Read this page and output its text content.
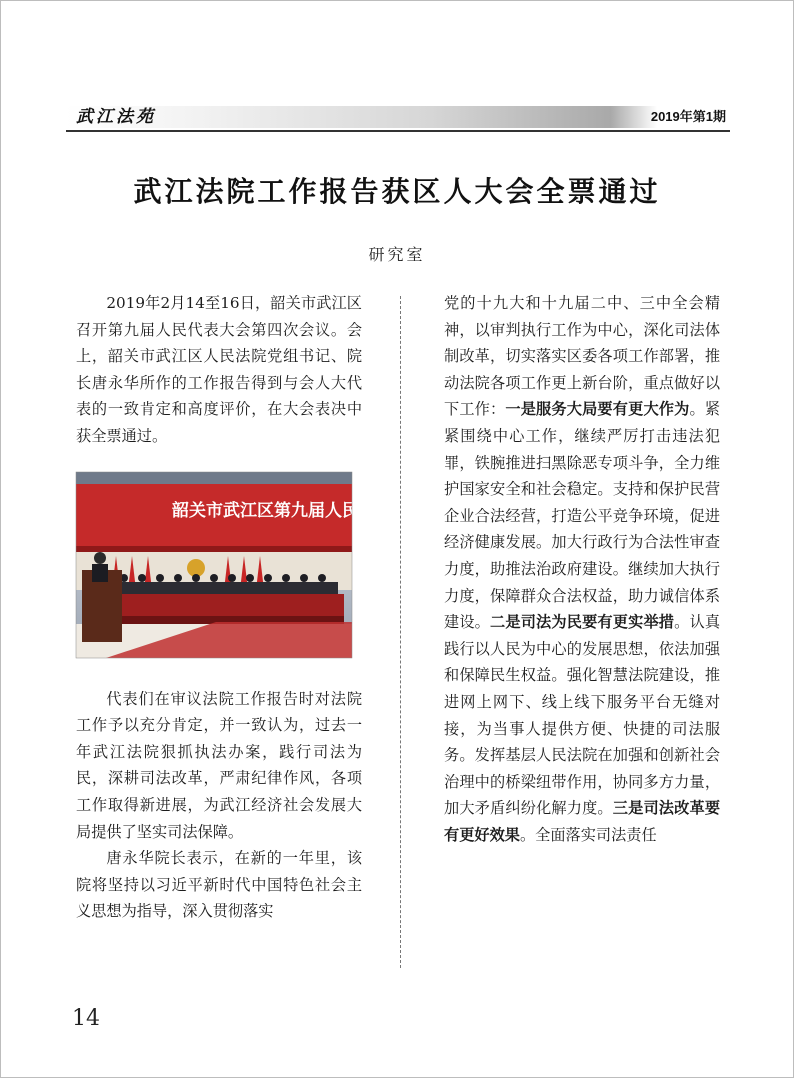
武江法苑	2019年第1期
武江法院工作报告获区人大会全票通过
研究室

2019年2月14至16日，韶关市武江区召开第九届人民代表大会第四次会议。会上，韶关市武江区人民法院党组书记、院长唐永华所作的工作报告得到与会人大代表的一致肯定和高度评价，在大会表决中获全票通过。

韶关市武江区第九届人民代表大会第

代表们在审议法院工作报告时对法院工作予以充分肯定，并一致认为，过去一年武江法院狠抓执法办案，践行司法为民，深耕司法改革，严肃纪律作风，各项工作取得新进展，为武江经济社会发展大局提供了坚实司法保障。

唐永华院长表示，在新的一年里，该院将坚持以习近平新时代中国特色社会主义思想为指导，深入贯彻落实

党的十九大和十九届二中、三中全会精神，以审判执行工作为中心，深化司法体制改革，切实落实区委各项工作部署，推动法院各项工作更上新台阶，重点做好以下工作：一是服务大局要有更大作为。紧紧围绕中心工作，继续严厉打击违法犯罪，铁腕推进扫黑除恶专项斗争，全力维护国家安全和社会稳定。支持和保护民营企业合法经营，打造公平竞争环境，促进经济健康发展。加大行政行为合法性审查力度，助推法治政府建设。继续加大执行力度，保障群众合法权益，助力诚信体系建设。二是司法为民要有更实举措。认真践行以人民为中心的发展思想，依法加强和保障民生权益。强化智慧法院建设，推进网上网下、线上线下服务平台无缝对接，为当事人提供方便、快捷的司法服务。发挥基层人民法院在加强和创新社会治理中的桥梁纽带作用，协同多方力量，加大矛盾纠纷化解力度。三是司法改革要有更好效果。全面落实司法责任

14
